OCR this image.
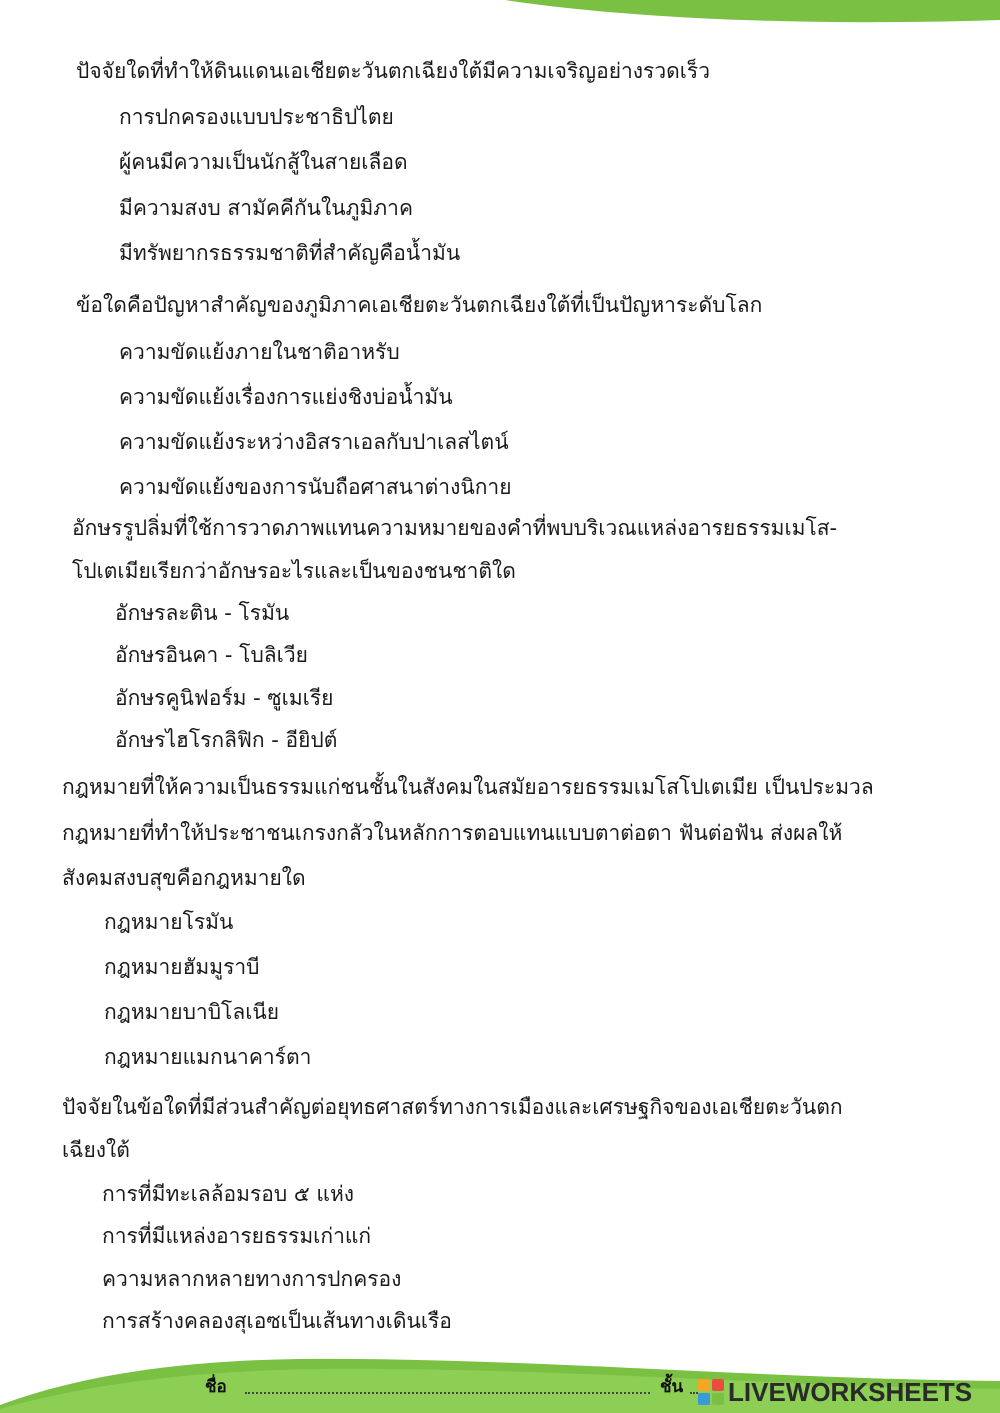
ปัจจัยใดที่ทำให้ดินแดนเอเชียตะวันตกเฉียงใต้มีความเจริญอย่างรวดเร็ว
การปกครองแบบประชาธิปไตย
ผู้คนมีความเป็นนักสู้ในสายเลือด
มีความสงบ สามัคคีกันในภูมิภาค
มีทรัพยากรธรรมชาติที่สำคัญคือน้ำมัน
ข้อใดคือปัญหาสำคัญของภูมิภาคเอเชียตะวันตกเฉียงใต้ที่เป็นปัญหาระดับโลก
ความขัดแย้งภายในชาติอาหรับ
ความขัดแย้งเรื่องการแย่งชิงบ่อน้ำมัน
ความขัดแย้งระหว่างอิสราเอลกับปาเลสไตน์
ความขัดแย้งของการนับถือศาสนาต่างนิกาย
อักษรรูปลิ่มที่ใช้การวาดภาพแทนความหมายของคำที่พบบริเวณแหล่งอารยธรรมเมโส-
โปเตเมียเรียกว่าอักษรอะไรและเป็นของชนชาติใด
อักษรละติน - โรมัน
อักษรอินคา - โบลิเวีย
อักษรคูนิฟอร์ม - ซูเมเรีย
อักษรไฮโรกลิฟิก - อียิปต์
กฎหมายที่ให้ความเป็นธรรมแก่ชนชั้นในสังคมในสมัยอารยธรรมเมโสโปเตเมีย เป็นประมวล
กฎหมายที่ทำให้ประชาชนเกรงกลัวในหลักการตอบแทนแบบตาต่อตา ฟันต่อฟัน ส่งผลให้
สังคมสงบสุขคือกฎหมายใด
กฎหมายโรมัน
กฎหมายฮัมมูราบี
กฎหมายบาบิโลเนีย
กฎหมายแมกนาคาร์ตา
ปัจจัยในข้อใดที่มีส่วนสำคัญต่อยุทธศาสตร์ทางการเมืองและเศรษฐกิจของเอเชียตะวันตก
เฉียงใต้
การที่มีทะเลล้อมรอบ ๕ แห่ง
การที่มีแหล่งอารยธรรมเก่าแก่
ความหลากหลายทางการปกครอง
การสร้างคลองสุเอซเป็นเส้นทางเดินเรือ
ชื่อ	ชั้น LIVEWORKSHEETS
